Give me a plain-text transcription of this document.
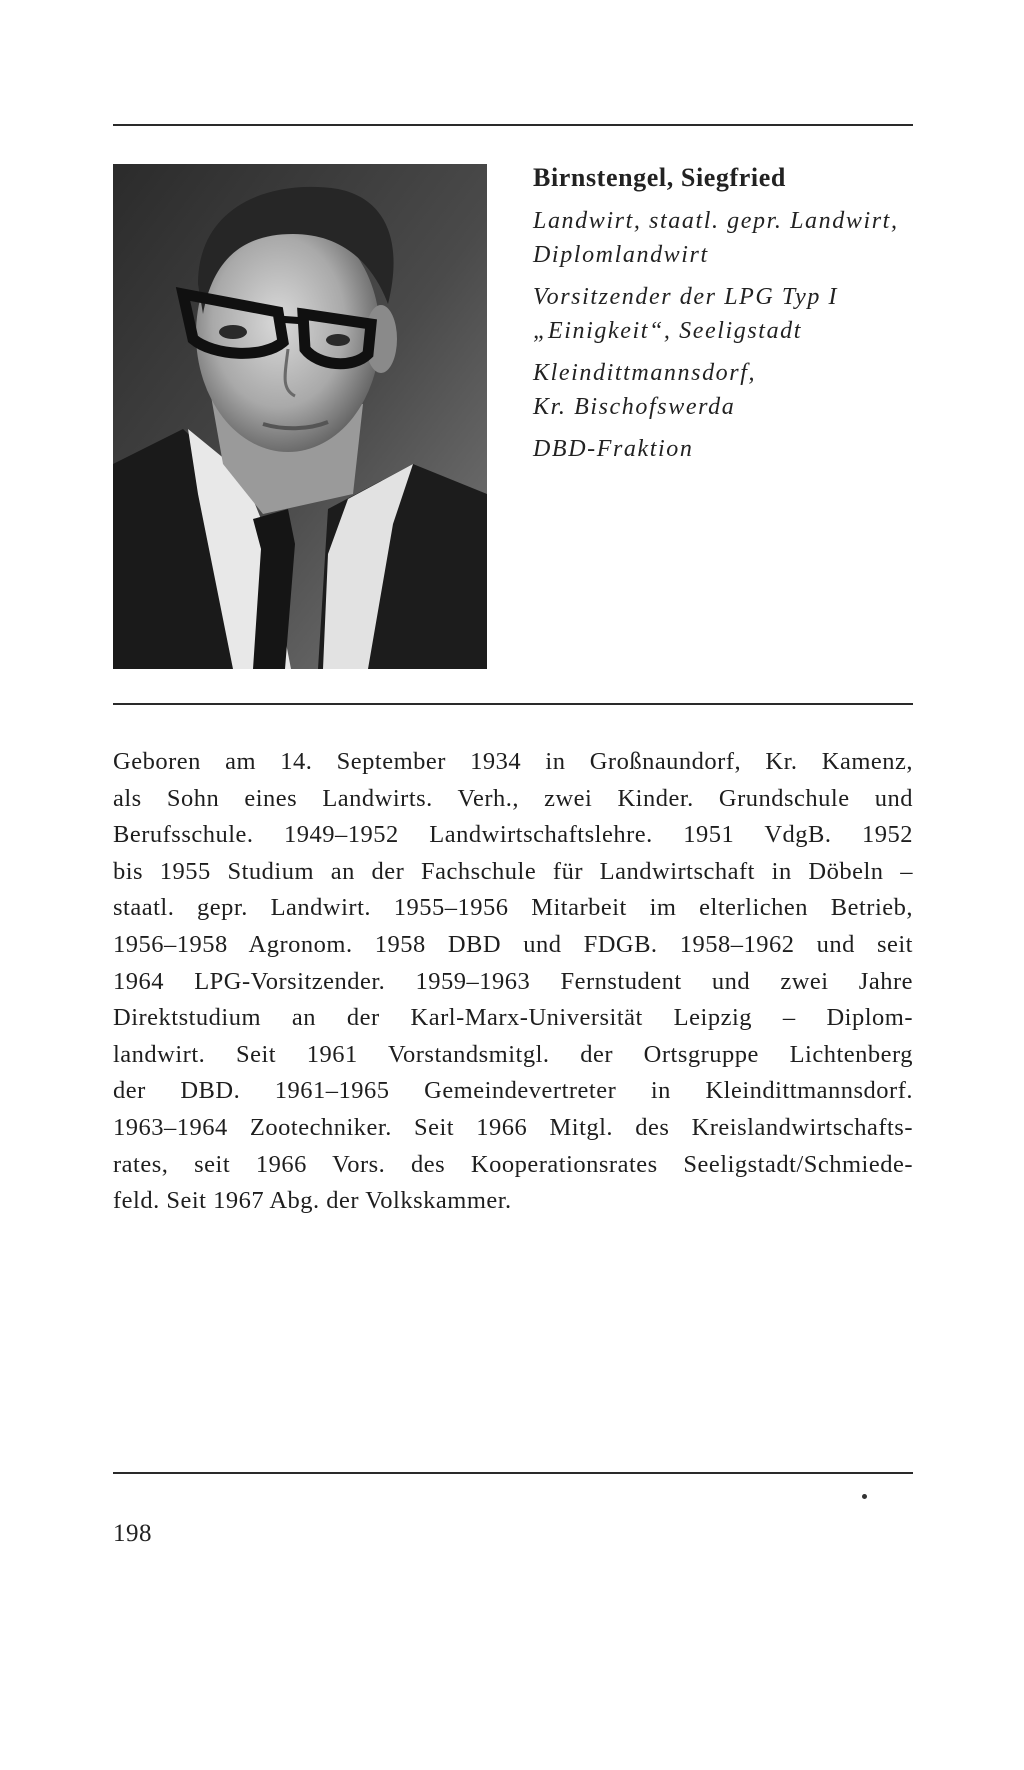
Birnstengel, Siegfried

Landwirt, staatl. gepr. Landwirt,

Diplomlandwirt

Vorsitzender der LPG Typ I

„Einigkeit“, Seeligstadt

Kleindittmannsdorf,

Kr. Bischofswerda

DBD-Fraktion

Geboren am 14. September 1934 in Großnaundorf, Kr. Kamenz,

als Sohn eines Landwirts. Verh., zwei Kinder. Grundschule und

Berufsschule. 1949–1952 Landwirtschaftslehre. 1951 VdgB. 1952

bis 1955 Studium an der Fachschule für Landwirtschaft in Döbeln –

staatl. gepr. Landwirt. 1955–1956 Mitarbeit im elterlichen Betrieb,

1956–1958 Agronom. 1958 DBD und FDGB. 1958–1962 und seit

1964 LPG-Vorsitzender. 1959–1963 Fernstudent und zwei Jahre

Direktstudium an der Karl-Marx-Universität Leipzig – Diplom-

landwirt. Seit 1961 Vorstandsmitgl. der Ortsgruppe Lichtenberg

der DBD. 1961–1965 Gemeindevertreter in Kleindittmannsdorf.

1963–1964 Zootechniker. Seit 1966 Mitgl. des Kreislandwirtschafts-

rates, seit 1966 Vors. des Kooperationsrates Seeligstadt/Schmiede-

feld. Seit 1967 Abg. der Volkskammer.

198
